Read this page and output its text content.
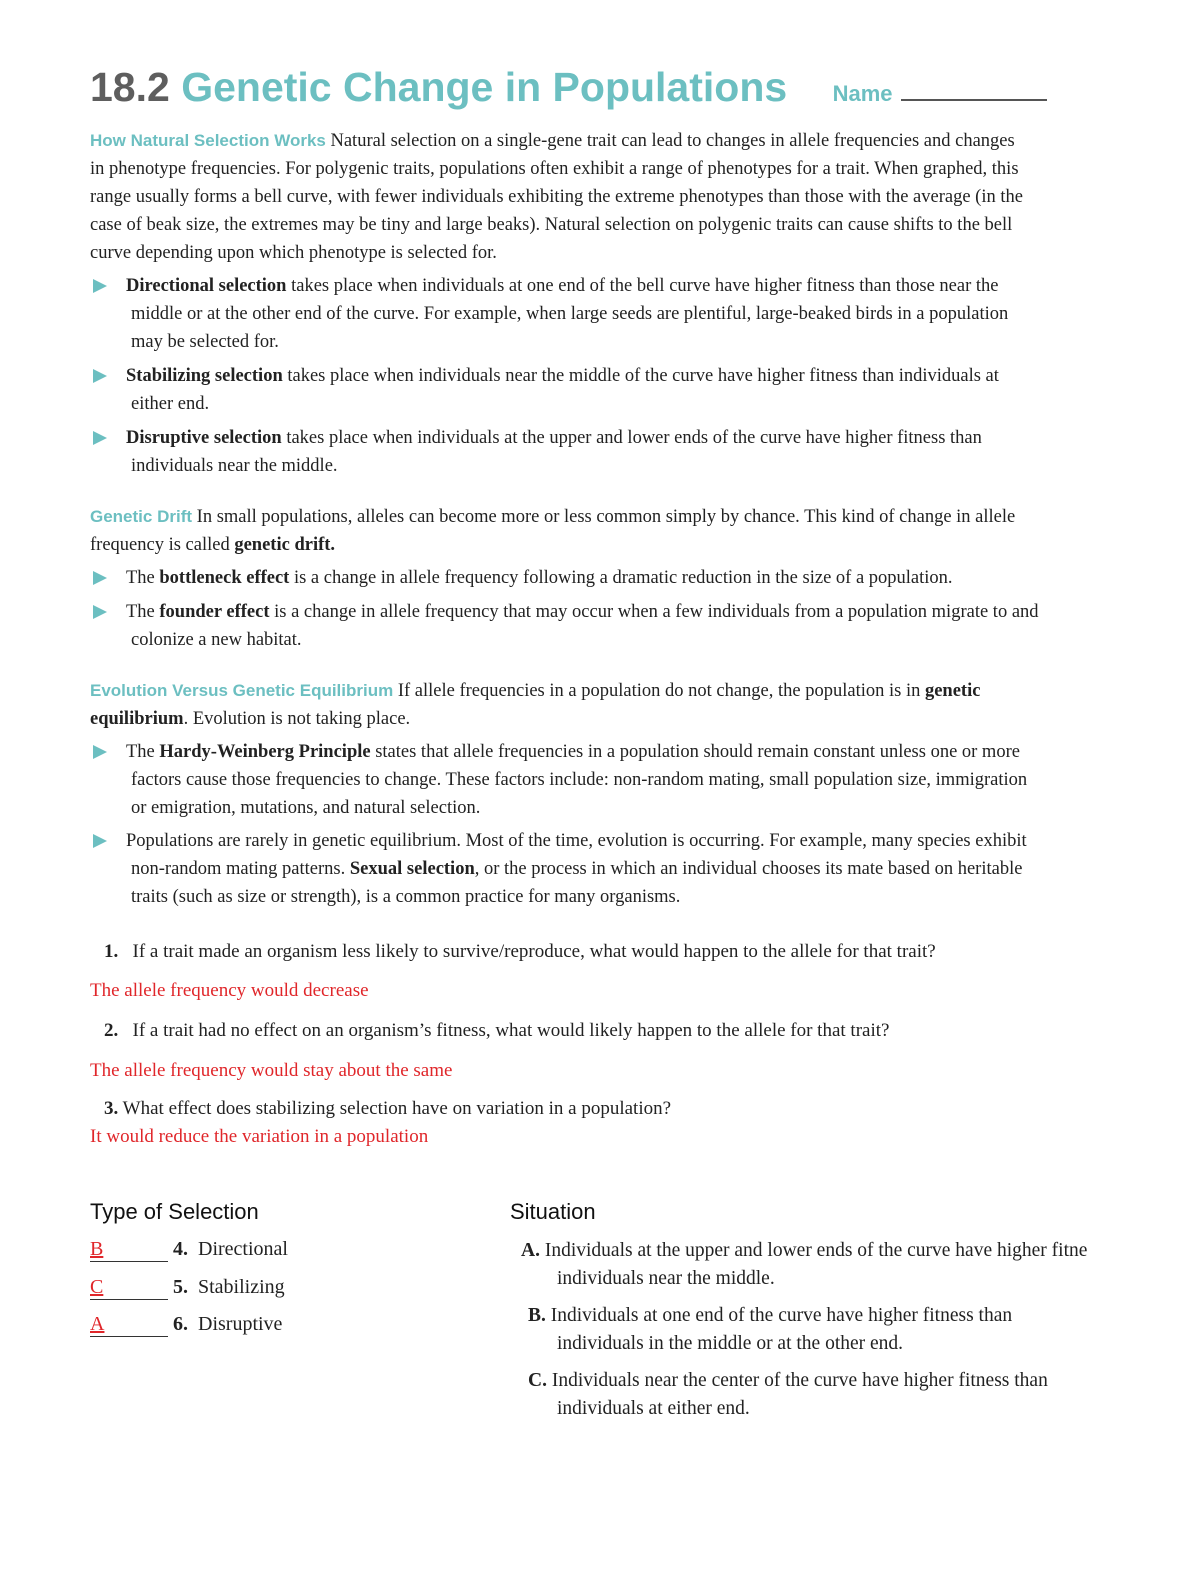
18.2 Genetic Change in Populations Name
How Natural Selection Works Natural selection on a single-gene trait can lead to changes in allele frequencies and changes
in phenotype frequencies. For polygenic traits, populations often exhibit a range of phenotypes for a trait. When graphed, this
range usually forms a bell curve, with fewer individuals exhibiting the extreme phenotypes than those with the average (in the
case of beak size, the extremes may be tiny and large beaks). Natural selection on polygenic traits can cause shifts to the bell
curve depending upon which phenotype is selected for.
Directional selection takes place when individuals at one end of the bell curve have higher fitness than those near the
middle or at the other end of the curve. For example, when large seeds are plentiful, large-beaked birds in a population
may be selected for.
Stabilizing selection takes place when individuals near the middle of the curve have higher fitness than individuals at
either end.
Disruptive selection takes place when individuals at the upper and lower ends of the curve have higher fitness than
individuals near the middle.
Genetic Drift In small populations, alleles can become more or less common simply by chance. This kind of change in allele
frequency is called genetic drift.
The bottleneck effect is a change in allele frequency following a dramatic reduction in the size of a population.
The founder effect is a change in allele frequency that may occur when a few individuals from a population migrate to and
colonize a new habitat.
Evolution Versus Genetic Equilibrium If allele frequencies in a population do not change, the population is in genetic
equilibrium. Evolution is not taking place.
The Hardy-Weinberg Principle states that allele frequencies in a population should remain constant unless one or more
factors cause those frequencies to change. These factors include: non-random mating, small population size, immigration
or emigration, mutations, and natural selection.
Populations are rarely in genetic equilibrium. Most of the time, evolution is occurring. For example, many species exhibit
non-random mating patterns. Sexual selection, or the process in which an individual chooses its mate based on heritable
traits (such as size or strength), is a common practice for many organisms.
1. If a trait made an organism less likely to survive/reproduce, what would happen to the allele for that trait?
The allele frequency would decrease
2. If a trait had no effect on an organism’s fitness, what would likely happen to the allele for that trait?
The allele frequency would stay about the same
3. What effect does stabilizing selection have on variation in a population?
It would reduce the variation in a population
Type of Selection	Situation
B	4. Directional
C	5. Stabilizing
A	6. Disruptive
A. Individuals at the upper and lower ends of the curve have higher fitne
individuals near the middle.
B. Individuals at one end of the curve have higher fitness than
individuals in the middle or at the other end.
C. Individuals near the center of the curve have higher fitness than
individuals at either end.
